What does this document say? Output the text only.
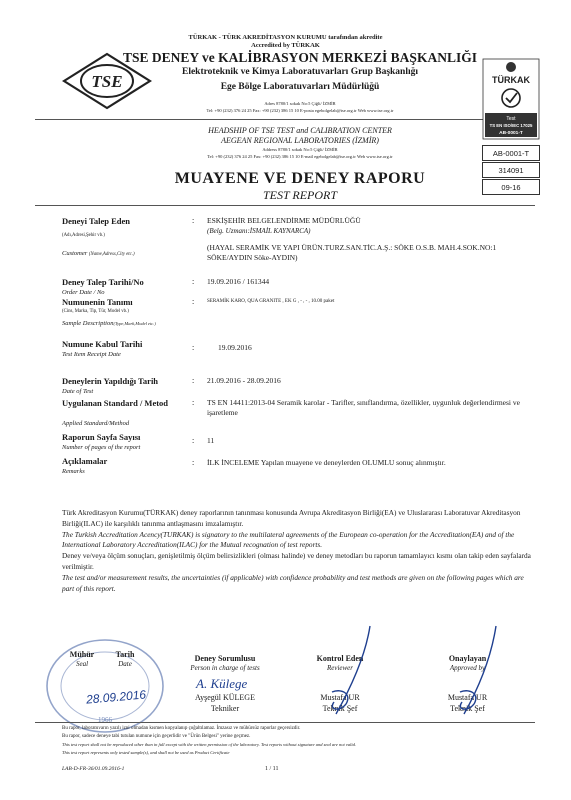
TÜRKAK - TÜRK AKREDİTASYON KURUMU tarafından akredite
Accredited by TÜRKAK
TSE
TSE DENEY ve KALİBRASYON MERKEZİ BAŞKANLIĞI
Elektroteknik ve Kimya Laboratuvarları Grup Başkanlığı
Ege Bölge Laboratuvarları Müdürlüğü
Adres 8780/1 sokak No:5 Çiğli/ İZMİR
Tel: +90 (232) 376 24 25 Fax: +90 (232) 386 15 10 E-posta egebolgelab@tse.org.tr Web www.tse.org.tr
HEADSHIP OF TSE TEST and CALIBRATION CENTER
AEGEAN REGIONAL LABORATORIES (İZMİR)
Address 8780/1 sokak No:5 Çiğli/ İZMİR
Tel: +90 (232) 376 24 25 Fax: +90 (232) 386 15 10 E-mail egebolgelab@tse.org.tr Web www.tse.org.tr
TÜRKAK
Test
TS EN ISO/IEC 17025
AB-0001-T
AB-0001-T
314091
09-16
MUAYENE VE DENEY RAPORU
TEST REPORT
Deneyi Talep Eden
(Adı,Adresi,Şehir vb.)
Customer (Name,Adress,City etc.)
: ESKİŞEHİR BELGELENDİRME MÜDÜRLÜĞÜ
(Belg. Uzmanı:İSMAİL KAYNARCA)
(HAYAL SERAMİK VE YAPI ÜRÜN.TURZ.SAN.TİC.A.Ş.: SÖKE O.S.B. MAH.4.SOK.NO:1 SÖKE/AYDIN Söke-AYDIN)
Deney Talep Tarihi/No
Order Date / No
: 19.09.2016 / 161344
Numunenin Tanımı
(Cins, Marka, Tip, Tür, Model vb.)
Sample Description(Type,Mark,Model etc.)
:	SERAMİK KARO, QUA GRANITE , EK G , - , - , 10.00 paket
Numune Kabul Tarihi
Test Item Receipt Date
:	19.09.2016
Deneylerin Yapıldığı Tarih
Date of Test
: 21.09.2016 - 28.09.2016
Uygulanan Standard / Metod
Applied Standard/Method
: TS EN 14411:2013-04 Seramik karolar - Tarifler, sınıflandırma, özellikler, uygunluk değerlendirmesi ve işaretleme
Raporun Sayfa Sayısı
Number of pages of the report
: 11
Açıklamalar
Remarks
: İLK İNCELEME Yapılan muayene ve deneylerden OLUMLU sonuç alınmıştır.
Türk Akreditasyon Kurumu(TÜRKAK) deney raporlarının tanınması konusunda Avrupa Akreditasyon Birliği(EA) ve Uluslararası Laboratuvar Akreditasyon Birliği(ILAC) ile karşılıklı tanınma antlaşmasını imzalamıştır.
The Turkish Accreditation Acency(TURKAK) is signatory to the multilateral agreements of the European co-operation for the Accreditation(EA) and of the International Laboratory Accreditation(ILAC) for the Mutual recognation of test reports.
Deney ve/veya ölçüm sonuçları, genişletilmiş ölçüm belirsizlikleri (olması halinde) ve deney metodları bu raporun tamamlayıcı kısmı olan takip eden sayfalarda verilmiştir.
The test and/or measurement results, the uncertainties (if applicable) with confidence probability and test methods are given on the following pages which are part of this report.
1966
Mühür
Seal
Tarih
Date
28.09.2016
Deney Sorumlusu
Person in charge of tests
A. Külege
Ayşegül KÜLEGE
Tekniker
Kontrol Eden
Reviewer
Mustafa UR
Teknik Şef
Onaylayan
Approved by
Mustafa UR
Teknik Şef
Bu rapor, laboratuvarın yazılı izni olmadan kısmen kopyalanıp çoğaltılamaz. İmzasız ve mühürsüz raporlar geçersizdir.
Bu rapor, sadece deneye tabi tutulan numune için geçerlidir ve "Ürün Belgesi" yerine geçmez.
This test report shall not be reproduced other than in full except with the written permission of the laboratory. Test reports without signature and seal are not valid.
This test report represents only tested sample(s), and shall not be used as Product Certificate
LAB-D-FR-36/01.09.2016-1	1 / 11
